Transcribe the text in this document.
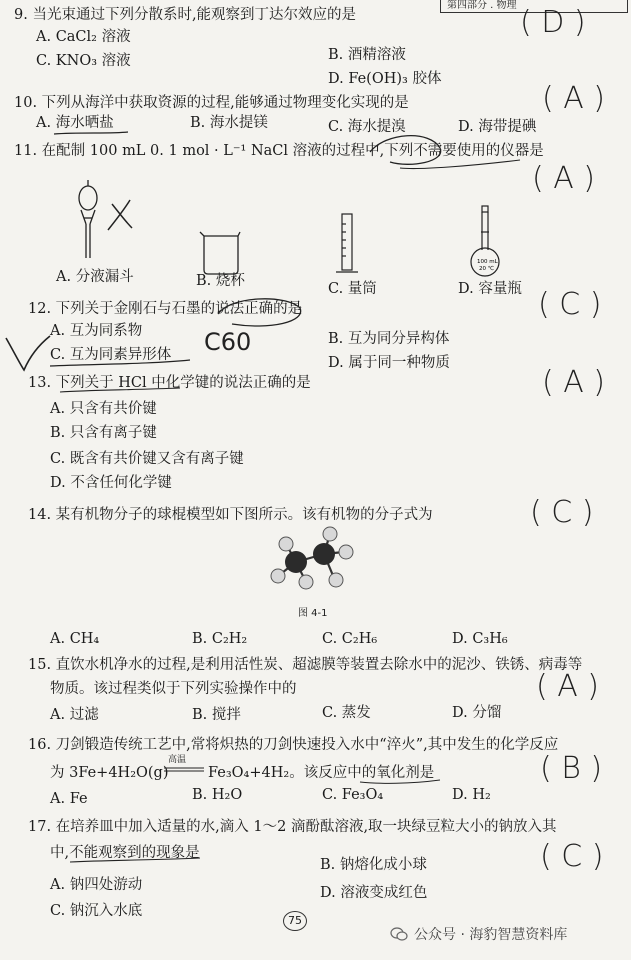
第四部分 . 物理
9. 当光束通过下列分散系时,能观察到丁达尔效应的是
A. CaCl₂ 溶液
B. 酒精溶液
C. KNO₃ 溶液
D. Fe(OH)₃ 胶体
( D )
10. 下列从海洋中获取资源的过程,能够通过物理变化实现的是
A. 海水晒盐	B. 海水提镁	C. 海水提溴	D. 海带提碘
( A )
11. 在配制 100 mL 0. 1 mol · L⁻¹ NaCl 溶液的过程中,下列不需要使用的仪器是
( A )
A. 分液漏斗	B. 烧杯	C. 量筒	D. 容量瓶
12. 下列关于金刚石与石墨的说法正确的是
A. 互为同系物	B. 互为同分异构体
C. 互为同素异形体	D. 属于同一种物质
( C )
C60
13. 下列关于 HCl 中化学键的说法正确的是
A. 只含有共价键
B. 只含有离子键
C. 既含有共价键又含有离子键
D. 不含任何化学键
( A )
14. 某有机物分子的球棍模型如下图所示。该有机物的分子式为	( C )
图 4-1
A. CH₄	B. C₂H₂	C. C₂H₆	D. C₃H₆
15. 直饮水机净水的过程,是利用活性炭、超滤膜等装置去除水中的泥沙、铁锈、病毒等
物质。该过程类似于下列实验操作中的
A. 过滤	B. 搅拌	C. 蒸发	D. 分馏
( A )
16. 刀剑锻造传统工艺中,常将炽热的刀剑快速投入水中“淬火”,其中发生的化学反应
为 3Fe+4H₂O(g)
高温
Fe₃O₄+4H₂。该反应中的氧化剂是
A. Fe	B. H₂O	C. Fe₃O₄	D. H₂
( B )
17. 在培养皿中加入适量的水,滴入 1～2 滴酚酞溶液,取一块绿豆粒大小的钠放入其
中,不能观察到的现象是
B. 钠熔化成小球
A. 钠四处游动	D. 溶液变成红色
C. 钠沉入水底
( C )
75
公众号 · 海豹智慧资料库
100 mL
20 ℃
